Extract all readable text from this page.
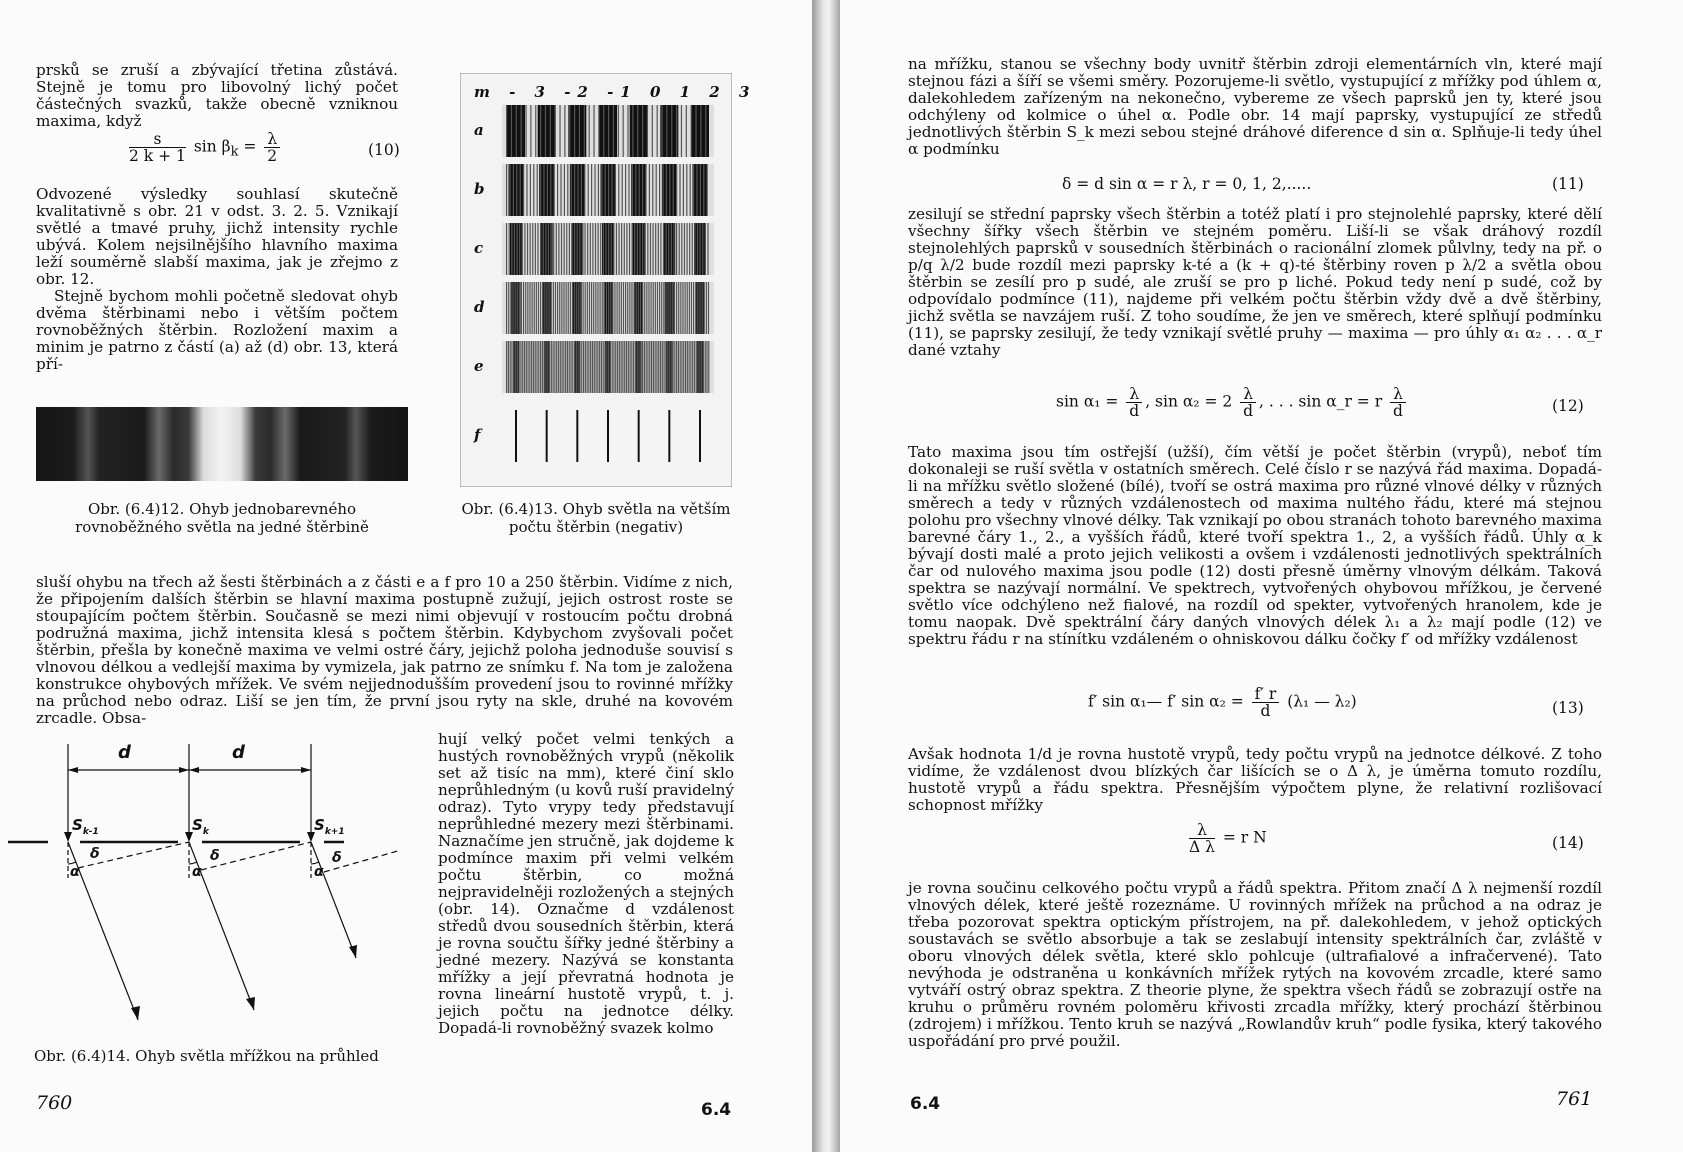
prsků se zruší a zbývající třetina zůstává. Stejně je tomu pro libovolný lichý počet částečných svazků, takže obecně vzniknou maxima, když

$\frac{s}{2 k + 1}$ $\sin \beta_k = \frac{\lambda}{2}$	(10)

Odvozené výsledky souhlasí skutečně kvalitativně s obr. 21 v odst. 3. 2. 5. Vznikají světlé a tmavé pruhy, jichž intensity rychle ubývá. Kolem nejsilnějšího hlavního maxima leží souměrně slabší maxima, jak je zřejmo z obr. 12.

Stejně bychom mohli početně sledovat ohyb dvěma štěrbinami nebo i větším počtem rovnoběžných štěrbin. Rozložení maxim a minim je patrno z částí (a) až (d) obr. 13, která pří-

Obr. (6.4)12. Ohyb jednobarevného rovnoběžného světla na jedné štěrbině
m - 3 -2 -1 0 1 2 3
a
b
c
d
e
f
Obr. (6.4)13. Ohyb světla na větším počtu štěrbin (negativ)

sluší ohybu na třech až šesti štěrbinách a z části e a f pro 10 a 250 štěrbin. Vidíme z nich, že připojením dalších štěrbin se hlavní maxima postupně zužují, jejich ostrost roste se stoupajícím počtem štěrbin. Současně se mezi nimi objevují v rostoucím počtu drobná podružná maxima, jichž intensita klesá s počtem štěrbin. Kdybychom zvyšovali počet štěrbin, přešla by konečně maxima ve velmi ostré čáry, jejichž poloha jednoduše souvisí s vlnovou délkou a vedlejší maxima by vymizela, jak patrno ze snímku f. Na tom je založena konstrukce ohybových mřížek. Ve svém nejjednodušším provedení jsou to rovinné mřížky na průchod nebo odraz. Liší se jen tím, že první jsou ryty na skle, druhé na kovovém zrcadle. Obsa-

d	d
$S_{k-1}$	$S_k$	$S_{k+1}$
α	α	α
δ	δ	δ

hují velký počet velmi tenkých a hustých rovnoběžných vrypů (několik set až tisíc na mm), které činí sklo neprůhledným (u kovů ruší pravidelný odraz). Tyto vrypy tedy představují neprůhledné mezery mezi štěrbinami. Naznačíme jen stručně, jak dojdeme k podmínce maxim při velmi velkém počtu štěrbin, co možná nejpravidelněji rozložených a stejných (obr. 14). Označme d vzdálenost středů dvou sousedních štěrbin, která je rovna součtu šířky jedné štěrbiny a jedné mezery. Nazývá se konstanta mřížky a její převratná hodnota je rovna lineární hustotě vrypů, t. j. jejich počtu na jednotce délky. Dopadá-li rovnoběžný svazek kolmo

Obr. (6.4)14. Ohyb světla mřížkou na průhled
760	6.4

na mřížku, stanou se všechny body uvnitř štěrbin zdroji elementárních vln, které mají stejnou fázi a šíří se všemi směry. Pozorujeme-li světlo, vystupující z mřížky pod úhlem α, dalekohledem zařízeným na nekonečno, vybereme ze všech paprsků jen ty, které jsou odchýleny od kolmice o úhel α. Podle obr. 14 mají paprsky, vystupující ze středů jednotlivých štěrbin S_k mezi sebou stejné dráhové diference d sin α. Splňuje-li tedy úhel α podmínku

δ = d sin α = r λ, r = 0, 1, 2,.....	(11)

zesilují se střední paprsky všech štěrbin a totéž platí i pro stejnolehlé paprsky, které dělí všechny šířky všech štěrbin ve stejném poměru. Liší-li se však dráhový rozdíl stejnolehlých paprsků v sousedních štěrbinách o racionální zlomek půlvlny, tedy na př. o p/q λ/2 bude rozdíl mezi paprsky k-té a (k + q)-té štěrbiny roven p λ/2 a světla obou štěrbin se zesílí pro p sudé, ale zruší se pro p liché. Pokud tedy není p sudé, což by odpovídalo podmínce (11), najdeme při velkém počtu štěrbin vždy dvě a dvě štěrbiny, jichž světla se navzájem ruší. Z toho soudíme, že jen ve směrech, které splňují podmínku (11), se paprsky zesilují, že tedy vznikají světlé pruhy — maxima — pro úhly α₁ α₂ . . . α_r dané vztahy

$\sin \alpha_1 = \frac{\lambda}{d}$ , $\sin \alpha_2 = 2 \frac{\lambda}{d}$ , . . . sin α_r = r $\frac{\lambda}{d}$	(12)

Tato maxima jsou tím ostřejší (užší), čím větší je počet štěrbin (vrypů), neboť tím dokonaleji se ruší světla v ostatních směrech. Celé číslo r se nazývá řád maxima. Dopadá-li na mřížku světlo složené (bílé), tvoří se ostrá maxima pro různé vlnové délky v různých směrech a tedy v různých vzdálenostech od maxima nultého řádu, které má stejnou polohu pro všechny vlnové délky. Tak vznikají po obou stranách tohoto barevného maxima barevné čáry 1., 2., a vyšších řádů, které tvoří spektra 1., 2, a vyšších řádů. Úhly α_k bývají dosti malé a proto jejich velikosti a ovšem i vzdálenosti jednotlivých spektrálních čar od nulového maxima jsou podle (12) dosti přesně úměrny vlnovým délkám. Taková spektra se nazývají normální. Ve spektrech, vytvořených ohybovou mřížkou, je červené světlo více odchýleno než fialové, na rozdíl od spekter, vytvořených hranolem, kde je tomu naopak. Dvě spektrální čáry daných vlnových délek λ₁ a λ₂ mají podle (12) ve spektru řádu r na stínítku vzdáleném o ohniskovou dálku čočky f′ od mřížky vzdálenost

f′ sin α₁— f′ $\sin \alpha_2 = \frac{f' r}{d} (\lambda_1$ — λ₂)	(13)

Avšak hodnota 1/d je rovna hustotě vrypů, tedy počtu vrypů na jednotce délkové. Z toho vidíme, že vzdálenost dvou blízkých čar lišících se o Δ λ, je úměrna tomuto rozdílu, hustotě vrypů a řádu spektra. Přesnějším výpočtem plyne, že relativní rozlišovací schopnost mřížky

$\frac{\lambda}{\text{Δ λ}} = r$ N	(14)

je rovna součinu celkového počtu vrypů a řádů spektra. Přitom značí Δ λ nejmenší rozdíl vlnových délek, které ještě rozeznáme. U rovinných mřížek na průchod a na odraz je třeba pozorovat spektra optickým přístrojem, na př. dalekohledem, v jehož optických soustavách se světlo absorbuje a tak se zeslabují intensity spektrálních čar, zvláště v oboru vlnových délek světla, které sklo pohlcuje (ultrafialové a infračervené). Tato nevýhoda je odstraněna u konkávních mřížek rytých na kovovém zrcadle, které samo vytváří ostrý obraz spektra. Z theorie plyne, že spektra všech řádů se zobrazují ostře na kruhu o průměru rovném poloměru křivosti zrcadla mřížky, který prochází štěrbinou (zdrojem) i mřížkou. Tento kruh se nazývá „Rowlandův kruh“ podle fysika, který takového uspořádání pro prvé použil.

6.4	761
